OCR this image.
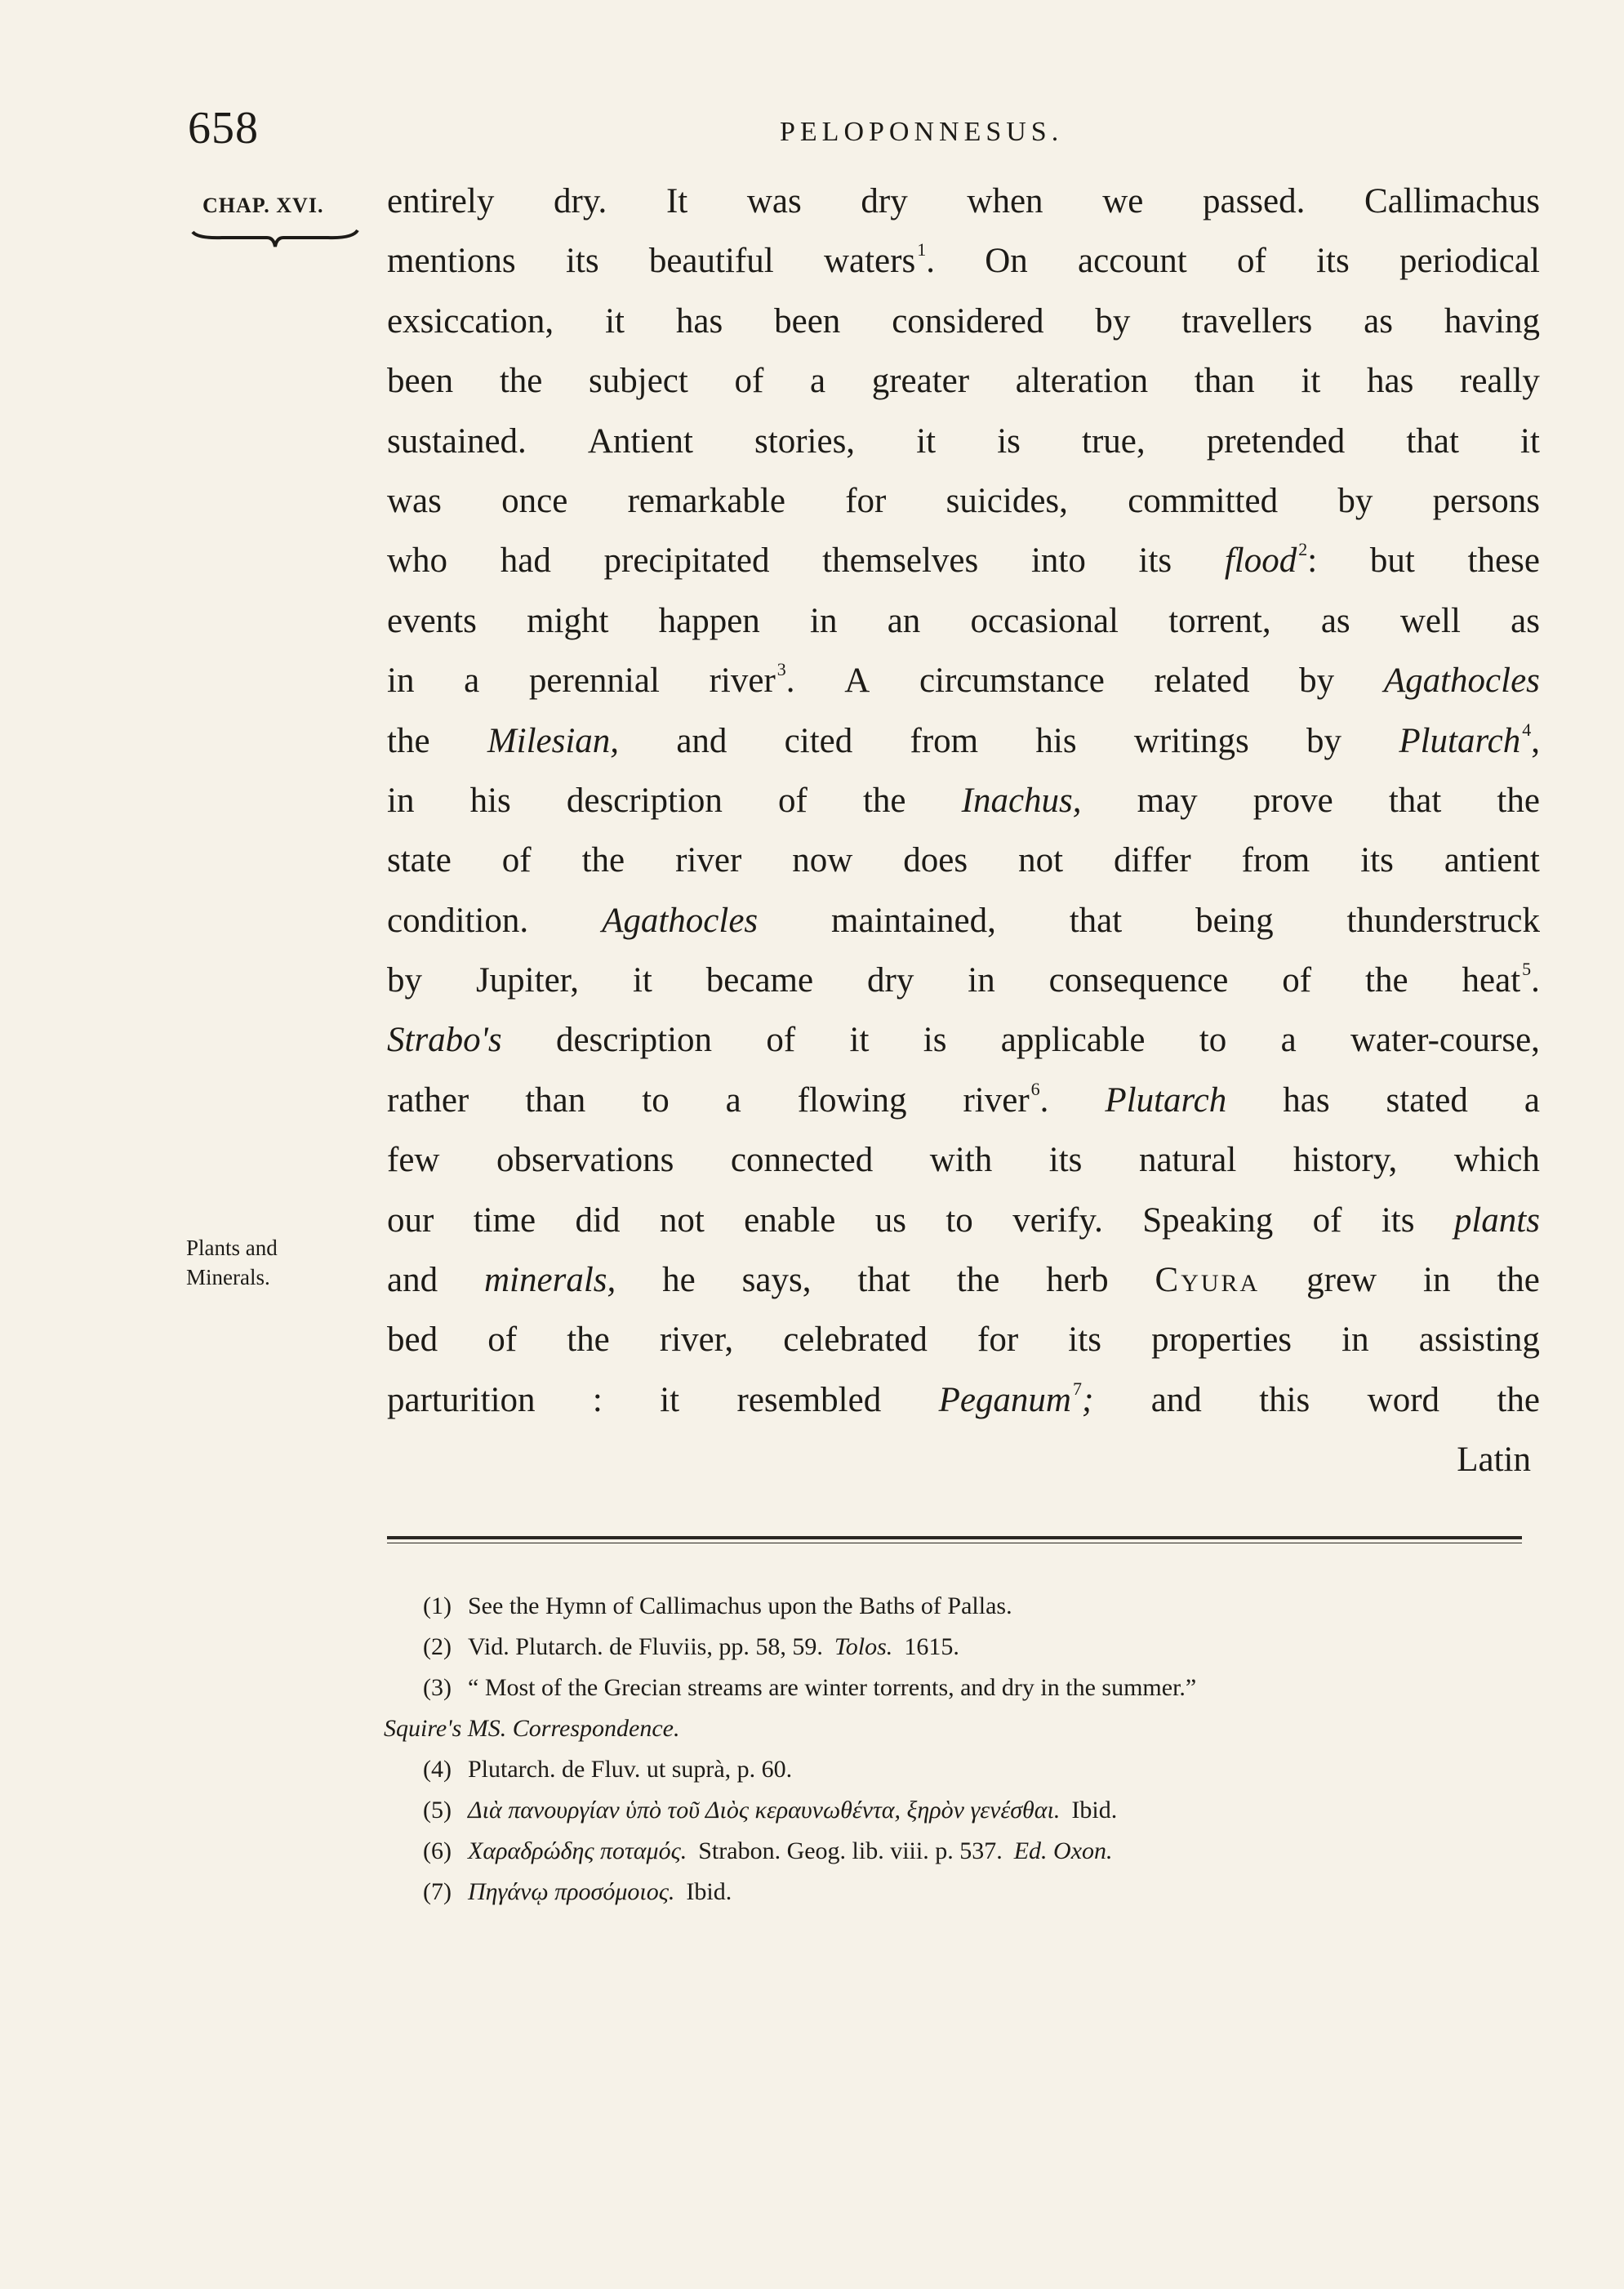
658	PELOPONNESUS.
CHAP. XVI.
Plants and
Minerals.
entirely dry. It was dry when we passed. Callimachus
mentions its beautiful waters$^1$. On account of its periodical
exsiccation, it has been considered by travellers as having
been the subject of a greater alteration than it has really
sustained. Antient stories, it is true, pretended that it
was once remarkable for suicides, committed by persons
who had precipitated themselves into its flood$^2$: but these
events might happen in an occasional torrent, as well as
in a perennial river$^3$. A circumstance related by Agathocles
the Milesian, and cited from his writings by Plutarch$^4$,
in his description of the Inachus, may prove that the
state of the river now does not differ from its antient
condition. Agathocles maintained, that being thunderstruck
by Jupiter, it became dry in consequence of the heat$^5$.
Strabo's description of it is applicable to a water-course,
rather than to a flowing river$^6$. Plutarch has stated a
few observations connected with its natural history, which
our time did not enable us to verify. Speaking of its plants
and minerals, he says, that the herb Cyura grew in the
bed of the river, celebrated for its properties in assisting
parturition : it resembled Peganum$^7$; and this word the
Latin
(1) See the Hymn of Callimachus upon the Baths of Pallas.
(2) Vid. Plutarch. de Fluviis, pp. 58, 59. Tolos. 1615.
(3) “ Most of the Grecian streams are winter torrents, and dry in the summer.”
Squire's MS. Correspondence.
(4) Plutarch. de Fluv. ut suprà, p. 60.
(5) Διὰ πανουργίαν ὑπὸ τοῦ Διὸς κεραυνωθέντα, ξηρὸν γενέσθαι. Ibid.
(6) Χαραδρώδης ποταμός. Strabon. Geog. lib. viii. p. 537. Ed. Oxon.
(7) Πηγάνῳ προσόμοιος. Ibid.
